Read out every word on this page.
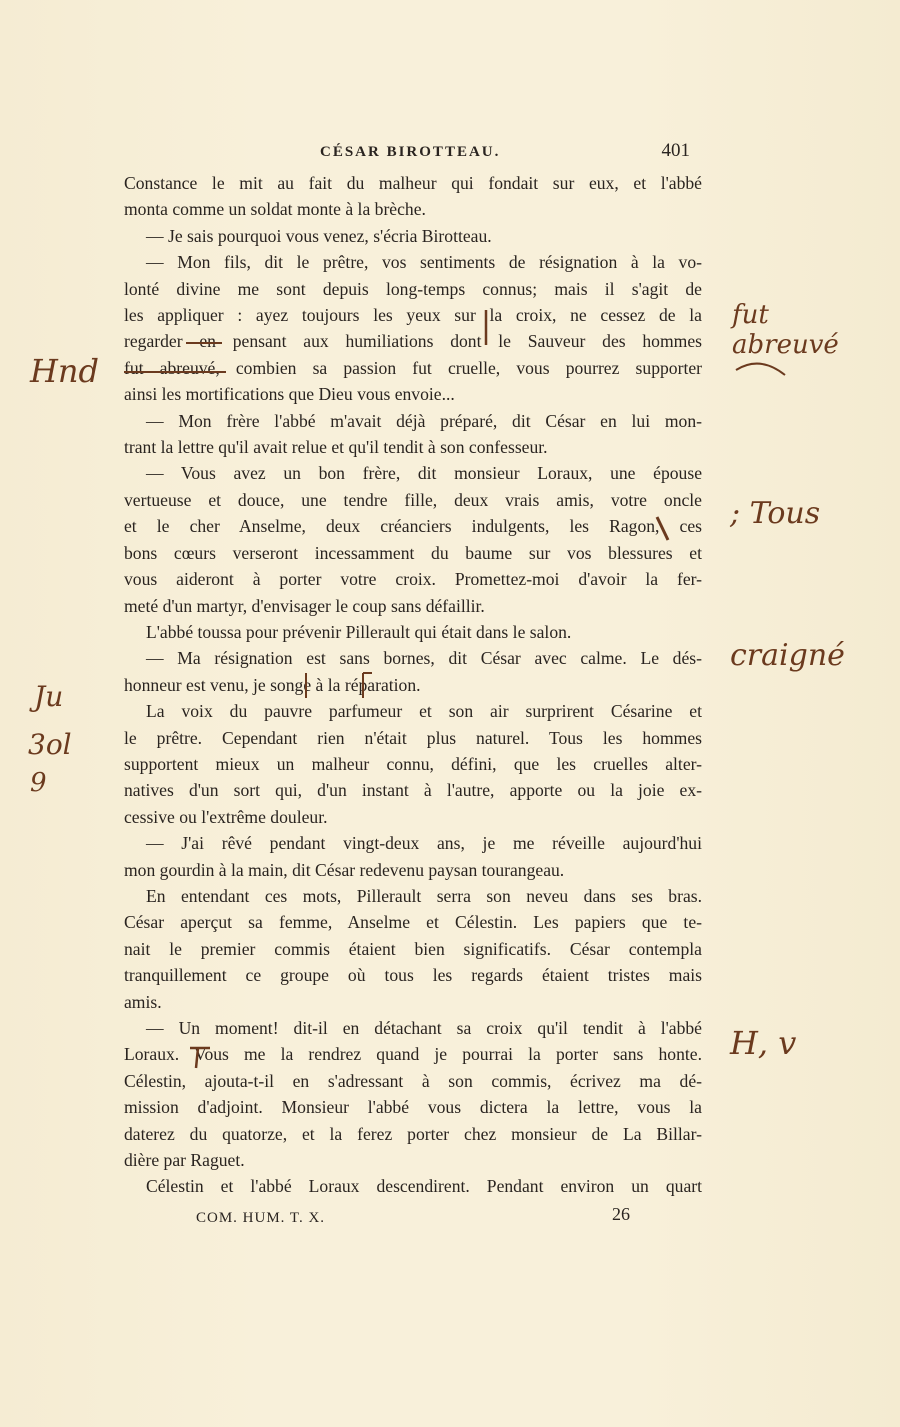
CÉSAR BIROTTEAU.	401
Constance le mit au fait du malheur qui fondait sur eux, et l'abbé
monta comme un soldat monte à la brèche.
— Je sais pourquoi vous venez, s'écria Birotteau.
— Mon fils, dit le prêtre, vos sentiments de résignation à la vo-
lonté divine me sont depuis long-temps connus; mais il s'agit de
les appliquer : ayez toujours les yeux sur la croix, ne cessez de la
regarder en pensant aux humiliations dont le Sauveur des hommes
fut abreuvé, combien sa passion fut cruelle, vous pourrez supporter
ainsi les mortifications que Dieu vous envoie...
— Mon frère l'abbé m'avait déjà préparé, dit César en lui mon-
trant la lettre qu'il avait relue et qu'il tendit à son confesseur.
— Vous avez un bon frère, dit monsieur Loraux, une épouse
vertueuse et douce, une tendre fille, deux vrais amis, votre oncle
et le cher Anselme, deux créanciers indulgents, les Ragon, ces
bons cœurs verseront incessamment du baume sur vos blessures et
vous aideront à porter votre croix. Promettez-moi d'avoir la fer-
meté d'un martyr, d'envisager le coup sans défaillir.
L'abbé toussa pour prévenir Pillerault qui était dans le salon.
— Ma résignation est sans bornes, dit César avec calme. Le dés-
honneur est venu, je songe à la réparation.
La voix du pauvre parfumeur et son air surprirent Césarine et
le prêtre. Cependant rien n'était plus naturel. Tous les hommes
supportent mieux un malheur connu, défini, que les cruelles alter-
natives d'un sort qui, d'un instant à l'autre, apporte ou la joie ex-
cessive ou l'extrême douleur.
— J'ai rêvé pendant vingt-deux ans, je me réveille aujourd'hui
mon gourdin à la main, dit César redevenu paysan tourangeau.
En entendant ces mots, Pillerault serra son neveu dans ses bras.
César aperçut sa femme, Anselme et Célestin. Les papiers que te-
nait le premier commis étaient bien significatifs. César contempla
tranquillement ce groupe où tous les regards étaient tristes mais
amis.
— Un moment! dit-il en détachant sa croix qu'il tendit à l'abbé
Loraux. Vous me la rendrez quand je pourrai la porter sans honte.
Célestin, ajouta-t-il en s'adressant à son commis, écrivez ma dé-
mission d'adjoint. Monsieur l'abbé vous dictera la lettre, vous la
daterez du quatorze, et la ferez porter chez monsieur de La Billar-
dière par Raguet.
Célestin et l'abbé Loraux descendirent. Pendant environ un quart
COM. HUM. T. X.	26
fut abreuvé
; Tous
craigné
H, v
Hnd
Ju
3ol
9
